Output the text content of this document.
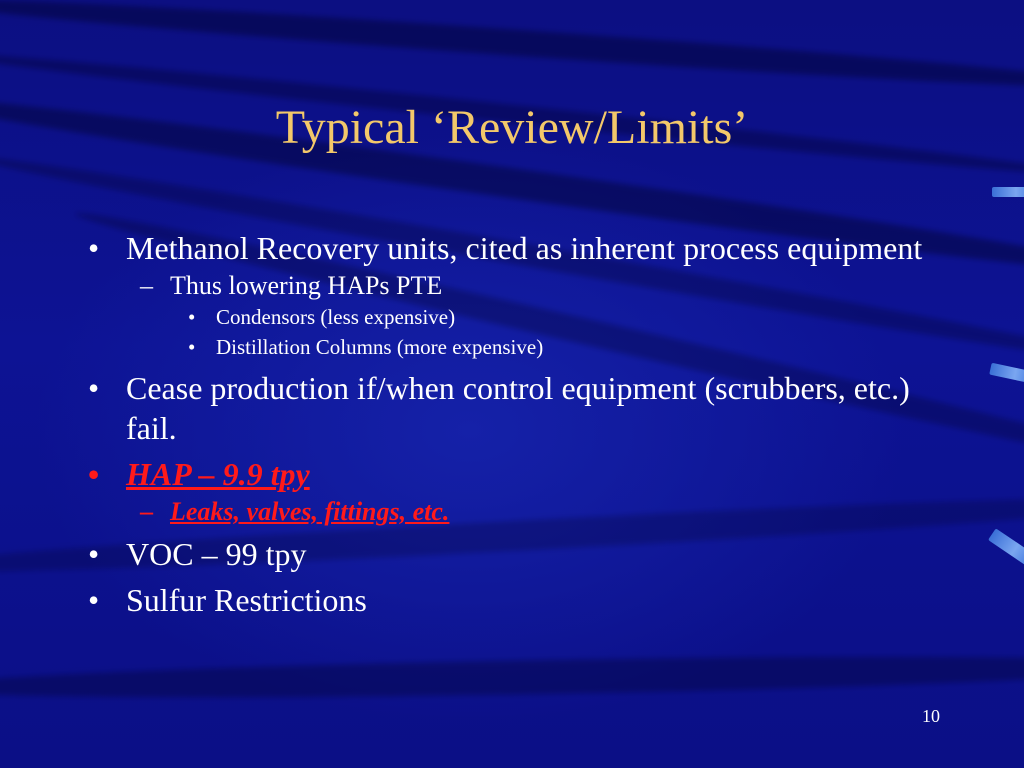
Typical ‘Review/Limits’
• Methanol Recovery units, cited as inherent process equipment
– Thus lowering HAPs PTE
• Condensors (less expensive)
• Distillation Columns (more expensive)
• Cease production if/when control equipment (scrubbers, etc.) fail.
• HAP – 9.9 tpy
– Leaks, valves, fittings, etc.
• VOC – 99 tpy
• Sulfur Restrictions
10
